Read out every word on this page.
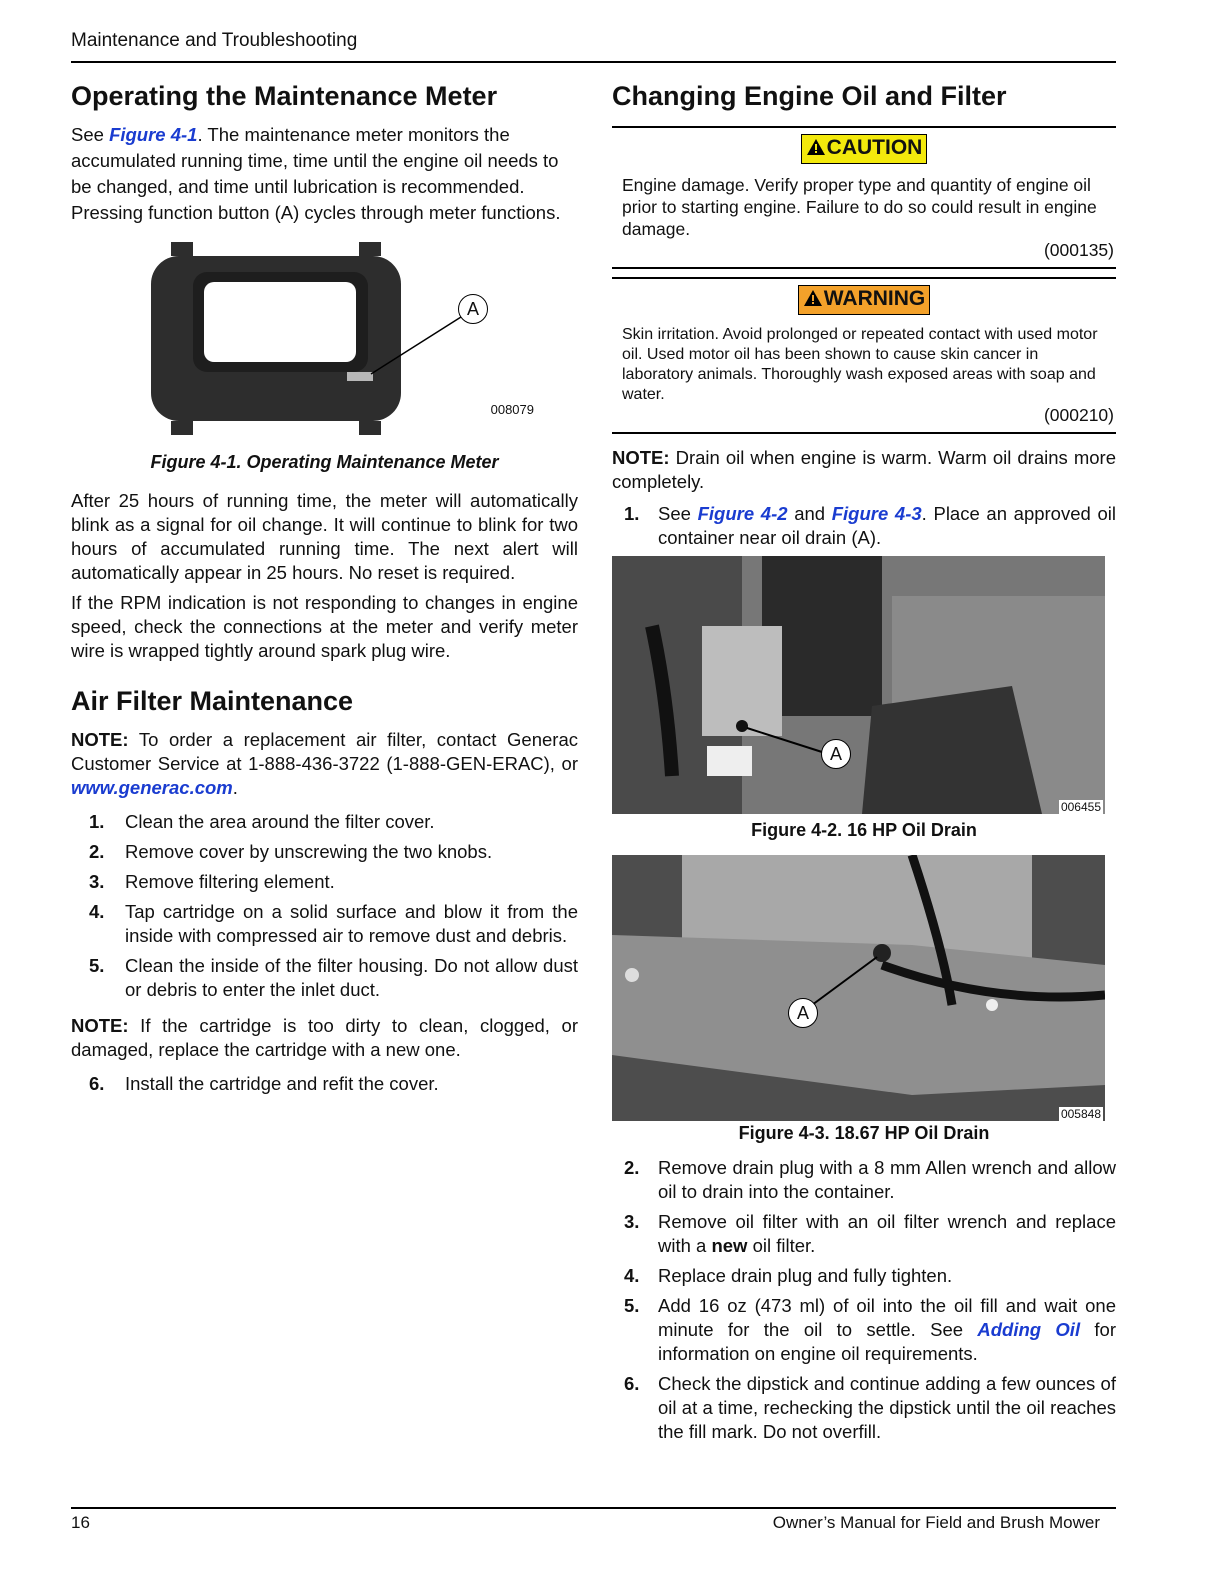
Maintenance and Troubleshooting
Operating the Maintenance Meter

See Figure 4-1. The maintenance meter monitors the accumulated running time, time until the engine oil needs to be changed, and time until lubrication is recommended. Pressing function button (A) cycles through meter functions.

A
008079
Figure 4-1. Operating Maintenance Meter

After 25 hours of running time, the meter will automatically blink as a signal for oil change. It will continue to blink for two hours of accumulated running time. The next alert will automatically appear in 25 hours. No reset is required.

If the RPM indication is not responding to changes in engine speed, check the connections at the meter and verify meter wire is wrapped tightly around spark plug wire.

Air Filter Maintenance

NOTE: To order a replacement air filter, contact Generac Customer Service at 1-888-436-3722 (1-888-GEN-ERAC), or www.generac.com.

1. Clean the area around the filter cover.
2. Remove cover by unscrewing the two knobs.
3. Remove filtering element.
4. Tap cartridge on a solid surface and blow it from the inside with compressed air to remove dust and debris.
5. Clean the inside of the filter housing. Do not allow dust or debris to enter the inlet duct.

NOTE: If the cartridge is too dirty to clean, clogged, or damaged, replace the cartridge with a new one.

6. Install the cartridge and refit the cover.
Changing Engine Oil and Filter
CAUTION
Engine damage. Verify proper type and quantity of engine oil prior to starting engine. Failure to do so could result in engine damage.
(000135)
WARNING
Skin irritation. Avoid prolonged or repeated contact with used motor oil. Used motor oil has been shown to cause skin cancer in laboratory animals. Thoroughly wash exposed areas with soap and water.
(000210)

NOTE: Drain oil when engine is warm. Warm oil drains more completely.

1. See Figure 4-2 and Figure 4-3. Place an approved oil container near oil drain (A).
A
006455
Figure 4-2. 16 HP Oil Drain
A
005848
Figure 4-3. 18.67 HP Oil Drain
2. Remove drain plug with a 8 mm Allen wrench and allow oil to drain into the container.
3. Remove oil filter with an oil filter wrench and replace with a new oil filter.
4. Replace drain plug and fully tighten.
5. Add 16 oz (473 ml) of oil into the oil fill and wait one minute for the oil to settle. See Adding Oil for information on engine oil requirements.
6. Check the dipstick and continue adding a few ounces of oil at a time, rechecking the dipstick until the oil reaches the fill mark. Do not overfill.
16	Owner’s Manual for Field and Brush Mower
